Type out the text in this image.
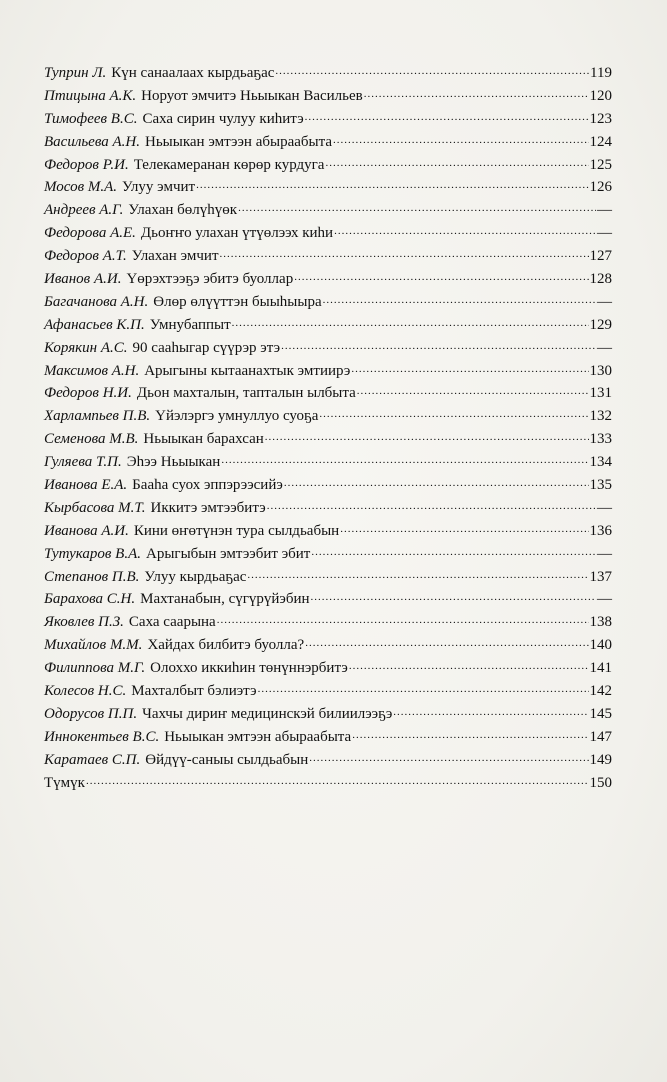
Туприн Л. Күн санаалаах кырдьаҕас .....	119
Птицына А.К. Норуот эмчитэ Ньыыкан Васильев .....	120
Тимофеев В.С. Саха сирин чулуу киһитэ .....	123
Васильева А.Н. Ньыыкан эмтээн абыраабыта .....	124
Федоров Р.И. Телекамеранан көрөр курдуга .....	125
Мосов М.А. Улуу эмчит .....	126
Андреев А.Г. Улахан бөлүһүөк .....	—
Федорова А.Е. Дьоҥҥо улахан үтүөлээх киһи .....	—
Федоров А.Т. Улахан эмчит .....	127
Иванов А.И. Үөрэхтээҕэ эбитэ буоллар .....	128
Багачанова А.Н. Өлөр өлүүттэн быыһыыра .....	—
Афанасьев К.П. Умнубаппыт .....	129
Корякин А.С. 90 сааһыгар сүүрэр этэ .....	—
Максимов А.Н. Арыгыны кытаанахтык эмтиирэ .....	130
Федоров Н.И. Дьон махталын, тапталын ылбыта .....	131
Харлампьев П.В. Үйэлэргэ умнуллуо суоҕа .....	132
Семенова М.В. Ньыыкан барахсан .....	133
Гуляева Т.П. Эһээ Ньыыкан .....	134
Иванова Е.А. Бааһа суох эппэрээсийэ .....	135
Кырбасова М.Т. Иккитэ эмтээбитэ .....	—
Иванова А.И. Кини өҥөтүнэн тура сылдьабын .....	136
Тутукаров В.А. Арыгыбын эмтээбит эбит .....	—
Степанов П.В. Улуу кырдьаҕас .....	137
Барахова С.Н. Махтанабын, сүгүрүйэбин .....	—
Яковлев П.З. Саха саарына .....	138
Михайлов М.М. Хайдах билбитэ буолла? .....	140
Филиппова М.Г. Олоххо иккиһин төнүннэрбитэ .....	141
Колесов Н.С. Махталбыт бэлиэтэ .....	142
Одорусов П.П. Чахчы дириҥ медицинскэй билиилээҕэ .....	145
Иннокентьев В.С. Ньыыкан эмтээн абыраабыта .....	147
Каратаев С.П. Өйдүү-саныы сылдьабын .....	149
Түмүк .....	150
